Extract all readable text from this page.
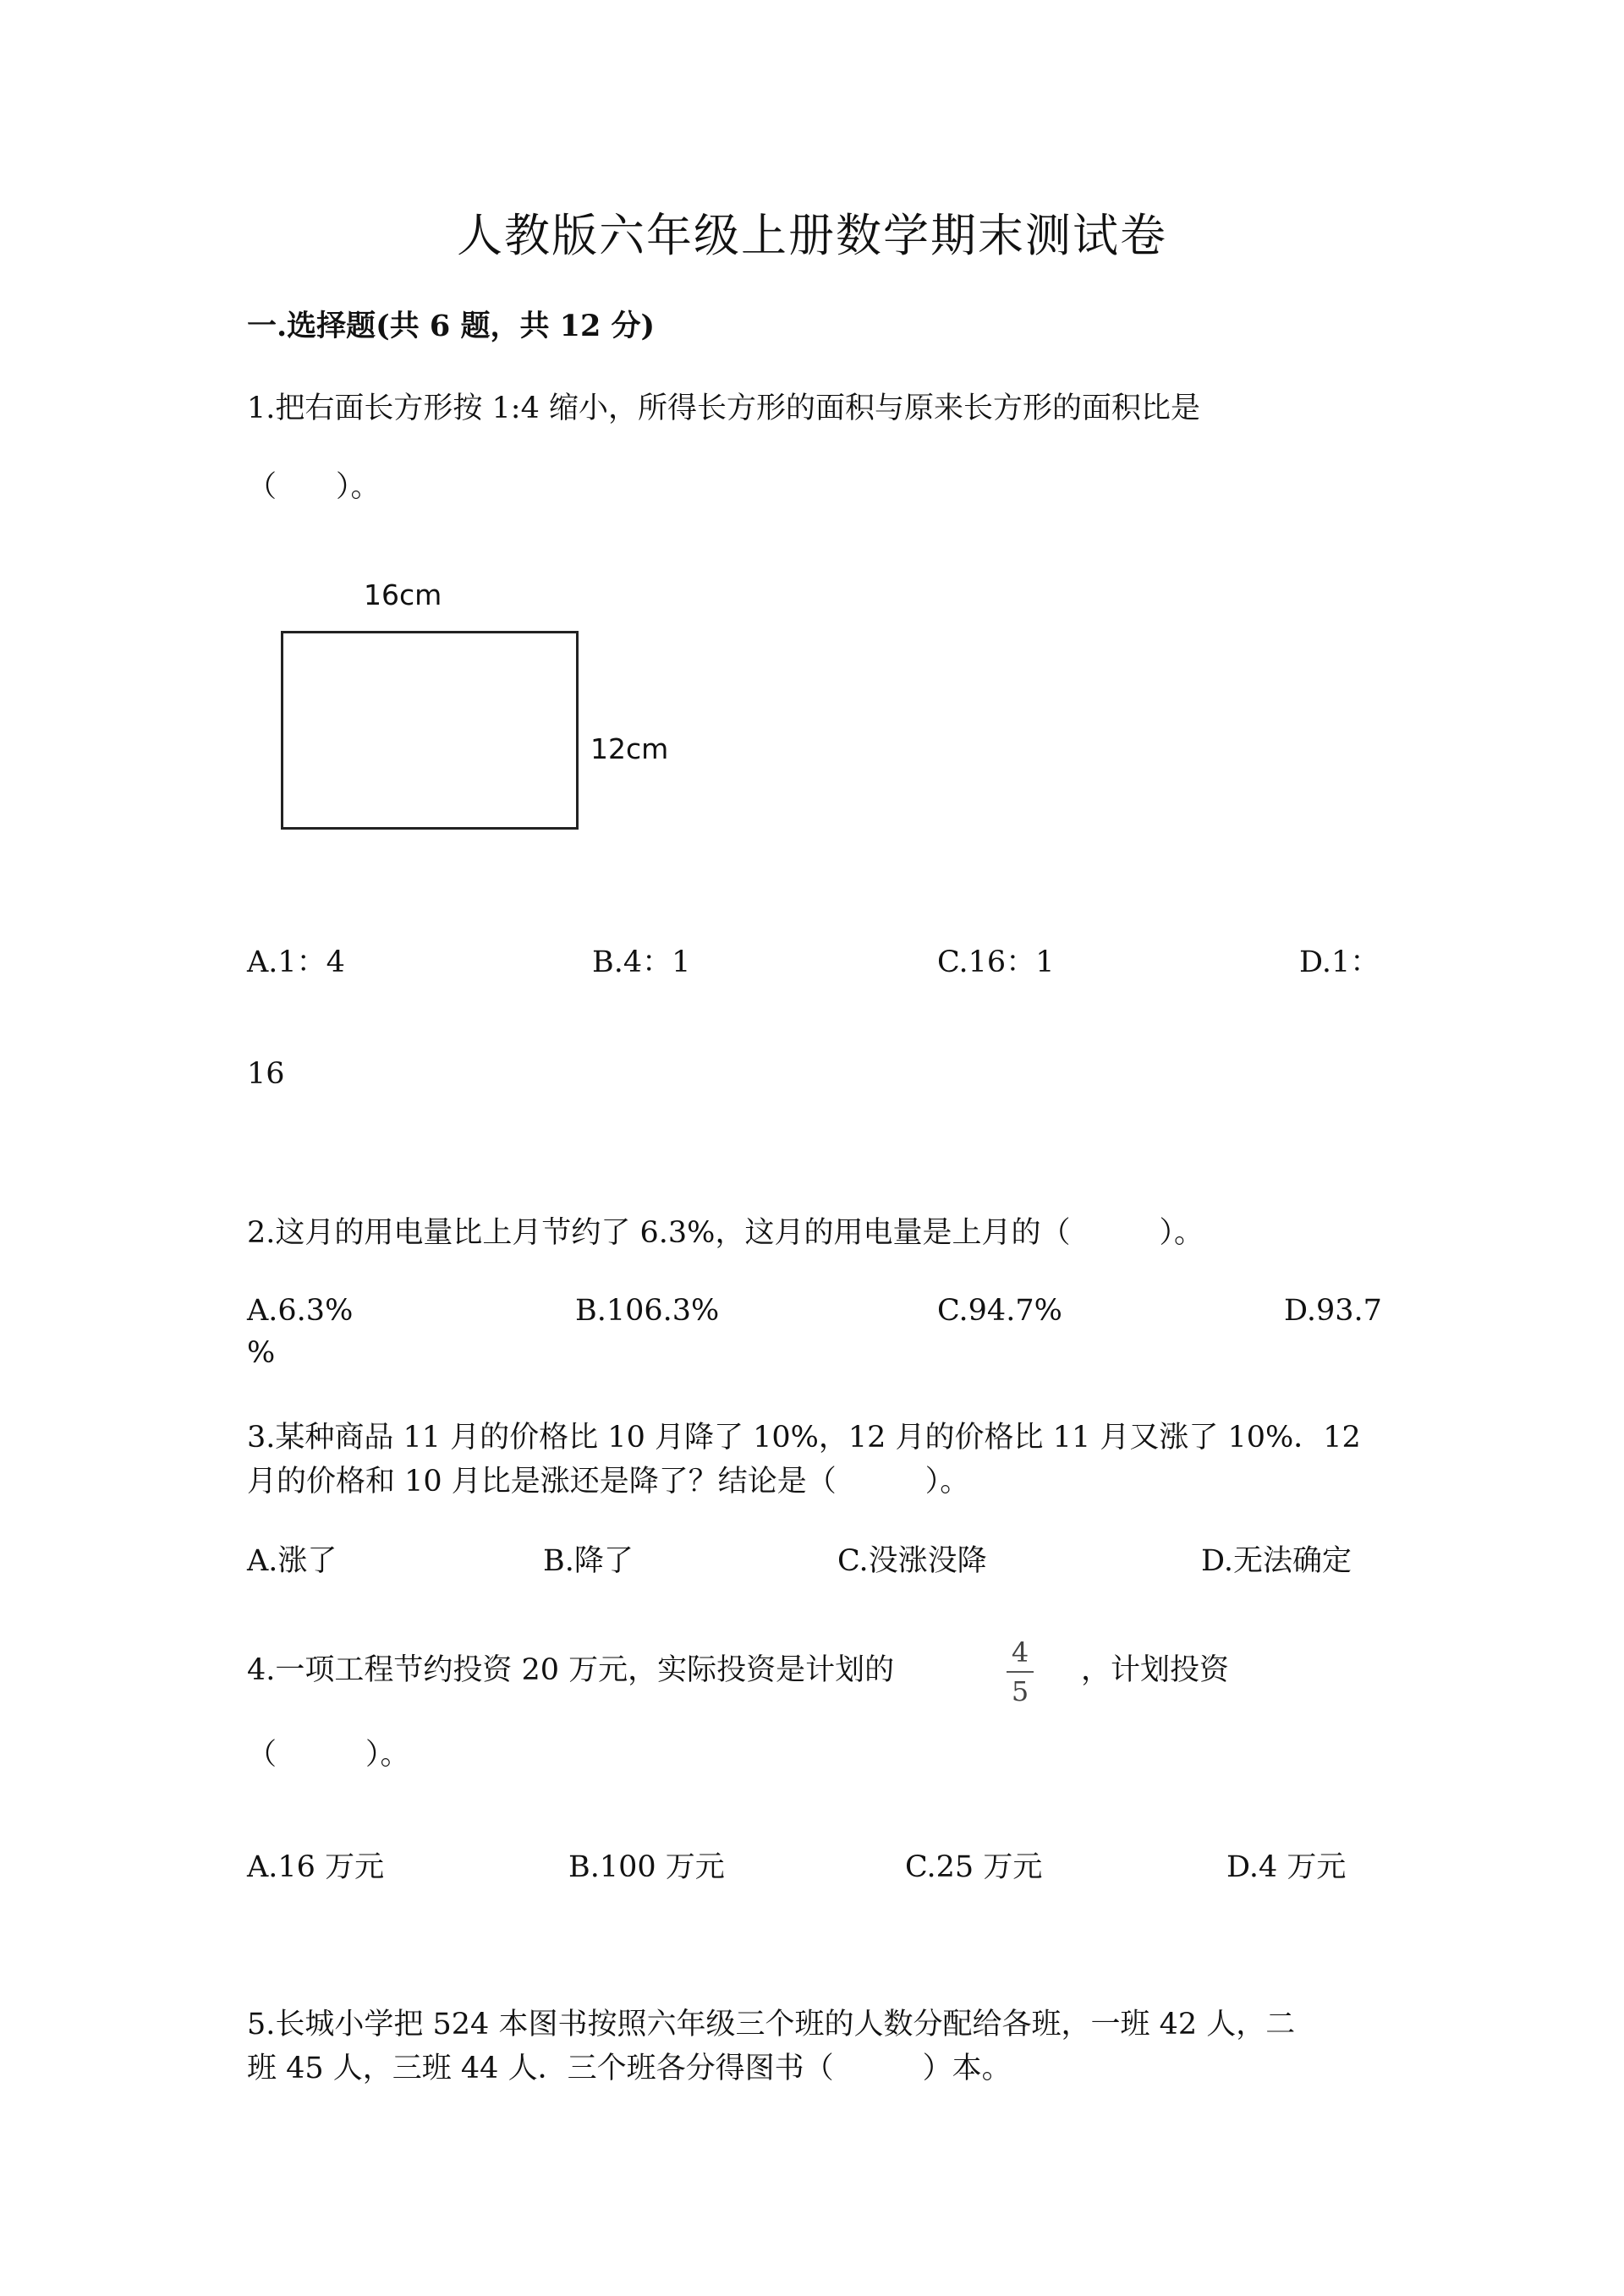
人教版六年级上册数学期末测试卷
一.选择题(共 6 题，共 12 分)
1.把右面长方形按 1:4 缩小，所得长方形的面积与原来长方形的面积比是
（　　）。
16cm
12cm
A.1：4	B.4：1	C.16：1	D.1：
16
2.这月的用电量比上月节约了 6.3%，这月的用电量是上月的（　　　）。
A.6.3%	B.106.3%	C.94.7%	D.93.7
%
3.某种商品 11 月的价格比 10 月降了 10%，12 月的价格比 11 月又涨了 10%．12
月的价格和 10 月比是涨还是降了？结论是（　　　）。
A.涨了	B.降了	C.没涨没降	D.无法确定
4.一项工程节约投资 20 万元，实际投资是计划的
4
5
，计划投资
（　　　）。
A.16 万元	B.100 万元	C.25 万元	D.4 万元
5.长城小学把 524 本图书按照六年级三个班的人数分配给各班，一班 42 人，二
班 45 人，三班 44 人．三个班各分得图书（　　　）本。
